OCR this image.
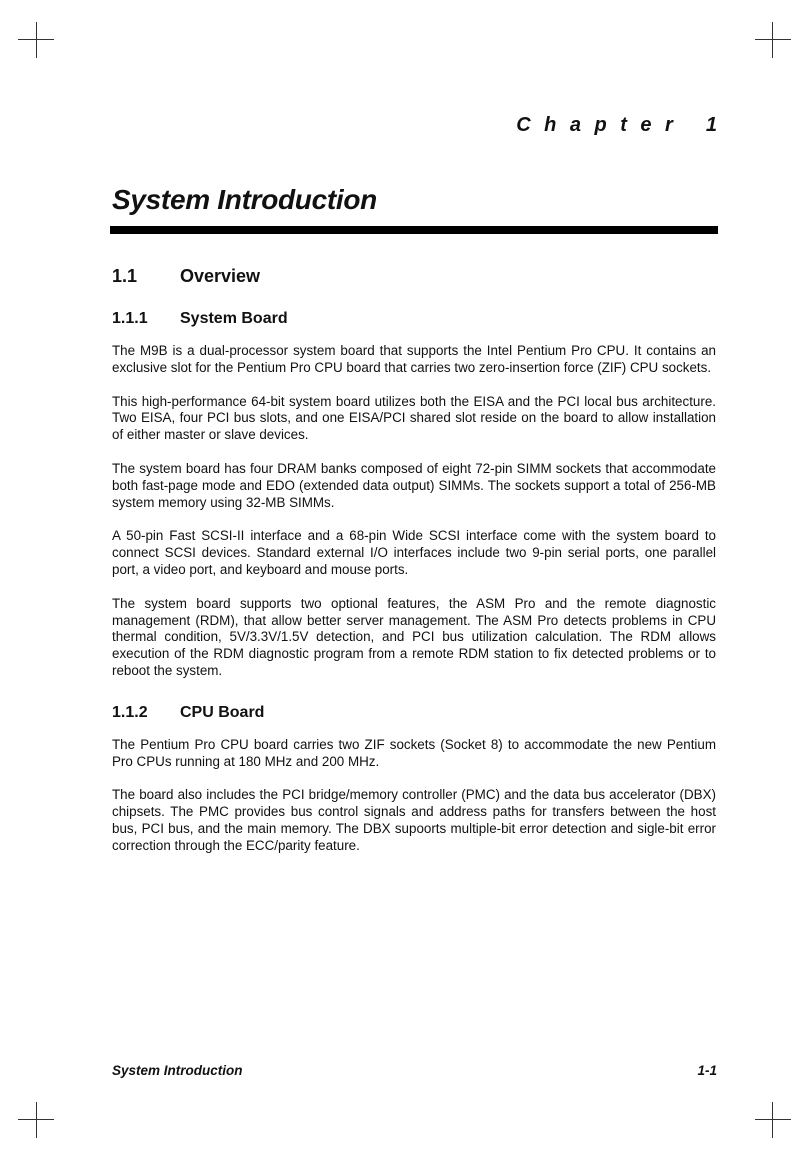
Chapter 1
System Introduction
1.1	Overview
1.1.1	System Board

The M9B is a dual-processor system board that supports the Intel Pentium Pro CPU. It contains an exclusive slot for the Pentium Pro CPU board that carries two zero-insertion force (ZIF) CPU sockets.

This high-performance 64-bit system board utilizes both the EISA and the PCI local bus architecture. Two EISA, four PCI bus slots, and one EISA/PCI shared slot reside on the board to allow installation of either master or slave devices.

The system board has four DRAM banks composed of eight 72-pin SIMM sockets that accommodate both fast-page mode and EDO (extended data output) SIMMs. The sockets support a total of 256-MB system memory using 32-MB SIMMs.

A 50-pin Fast SCSI-II interface and a 68-pin Wide SCSI interface come with the system board to connect SCSI devices. Standard external I/O interfaces include two 9-pin serial ports, one parallel port, a video port, and keyboard and mouse ports.

The system board supports two optional features, the ASM Pro and the remote diagnostic management (RDM), that allow better server management. The ASM Pro detects problems in CPU thermal condition, 5V/3.3V/1.5V detection, and PCI bus utilization calculation. The RDM allows execution of the RDM diagnostic program from a remote RDM station to fix detected problems or to reboot the system.

1.1.2	CPU Board

The Pentium Pro CPU board carries two ZIF sockets (Socket 8) to accommodate the new Pentium Pro CPUs running at 180 MHz and 200 MHz.

The board also includes the PCI bridge/memory controller (PMC) and the data bus accelerator (DBX) chipsets. The PMC provides bus control signals and address paths for transfers between the host bus, PCI bus, and the main memory. The DBX supoorts multiple-bit error detection and sigle-bit error correction through the ECC/parity feature.

System Introduction	1-1
